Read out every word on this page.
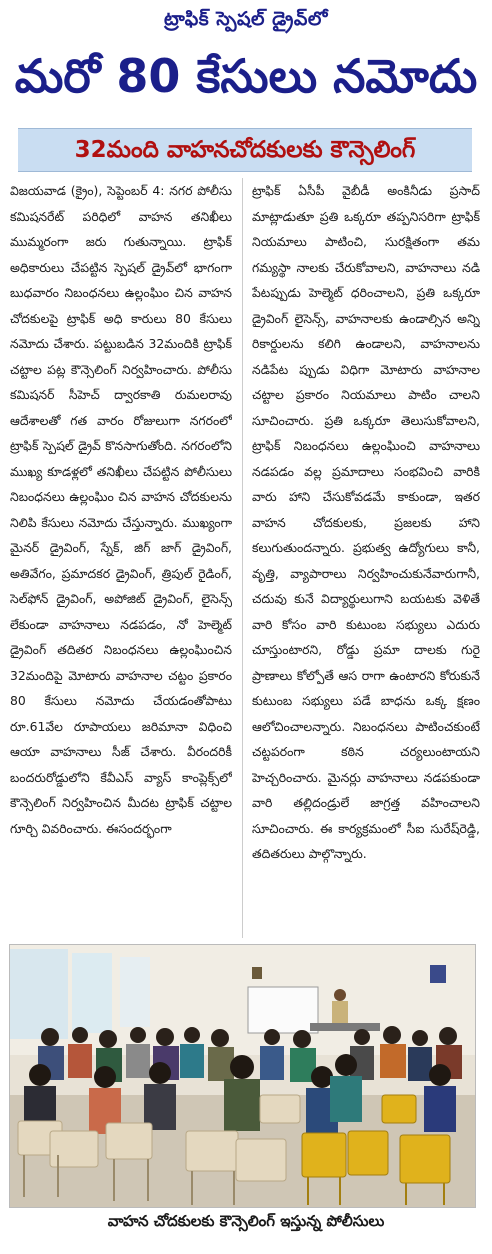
ట్రాఫిక్ స్పెషల్ డ్రైవ్‌లో
మరో 80 కేసులు నమోదు
32మంది వాహనచోదకులకు కౌన్సెలింగ్
విజయవాడ (క్రైం), సెప్టెంబర్ 4: నగర పోలీసు కమిషనరేట్ పరిధిలో వాహన తనిఖీలు ముమ్మరంగా జరు గుతున్నాయి. ట్రాఫిక్ అధికారులు చేపట్టిన స్పెషల్ డ్రైవ్‌లో భాగంగా బుధవారం నిబంధనలు ఉల్లంఘిం చిన వాహన చోదకులపై ట్రాఫిక్ అధి కారులు 80 కేసులు నమోదు చేశారు. పట్టుబడిన 32మందికి ట్రాఫిక్ చట్టాల పట్ల కౌన్సెలింగ్ నిర్వహించారు. పోలీసు కమిషనర్ సీహెచ్ ద్వారకాతి రుమలరావు ఆదేశాలతో గత వారం రోజులుగా నగరంలో ట్రాఫిక్ స్పెషల్ డ్రైవ్ కొనసాగుతోంది. నగరంలోని ముఖ్య కూడళ్లలో తనిఖీలు చేపట్టిన పోలీసులు నిబంధనలు ఉల్లంఘిం చిన వాహన చోదకులను నిలిపి కేసులు నమోదు చేస్తున్నారు. ముఖ్యంగా మైనర్ డ్రైవింగ్, స్నేక్, జిగ్ జాగ్ డ్రైవింగ్, అతివేగం, ప్రమాదకర డ్రైవింగ్, త్రిపుల్ రైడింగ్, సెల్‌ఫోన్ డ్రైవింగ్, అపోజిట్ డ్రైవింగ్, లైసెన్స్ లేకుండా వాహనాలు నడపడం, నో హెల్మెట్ డ్రైవింగ్ తదితర నిబంధనలు ఉల్లంఘించిన 32మందిపై మోటారు వాహనాల చట్టం ప్రకారం 80 కేసులు నమోదు చేయడంతోపాటు రూ.61వేల రూపాయలు జరిమానా విధించి ఆయా వాహనాలు సీజ్ చేశారు. వీరందరికీ బందరురోడ్డులోని కేవీఎస్ వ్యాస్ కాంప్లెక్స్‌లో కౌన్సెలింగ్ నిర్వహించిన మీదట ట్రాఫిక్ చట్టాల గూర్చి వివరించారు. ఈసందర్భంగా
ట్రాఫిక్ ఏసీపీ వైబీడీ అంకినీడు ప్రసాద్ మాట్లాడుతూ ప్రతి ఒక్కరూ తప్పనిసరిగా ట్రాఫిక్ నియమాలు పాటించి, సురక్షితంగా తమ గమ్యస్థా నాలకు చేరుకోవాలని, వాహనాలు నడి పేటప్పుడు హెల్మెట్ ధరించాలని, ప్రతి ఒక్కరూ డ్రైవింగ్ లైసెన్స్, వాహనాలకు ఉండాల్సిన అన్ని రికార్డులను కలిగి ఉండాలని, వాహనాలను నడిపేట ప్పుడు విధిగా మోటారు వాహనాల చట్టాల ప్రకారం నియమాలు పాటిం చాలని సూచించారు. ప్రతి ఒక్కరూ తెలుసుకోవాలని, ట్రాఫిక్ నిబంధనలు ఉల్లంఘించి వాహనాలు నడపడం వల్ల ప్రమాదాలు సంభవించి వారికి వారు హాని చేసుకోవడమే కాకుండా, ఇతర వాహన చోదకులకు, ప్రజలకు హాని కలుగుతుందన్నారు. ప్రభుత్వ ఉద్యోగులు కానీ, వృత్తి, వ్యాపారాలు నిర్వహించుకునేవారుగానీ, చదువు కునే విద్యార్థులుగాని బయటకు వెళితే వారి కోసం వారి కుటుంబ సభ్యులు ఎదురు చూస్తుంటారని, రోడ్డు ప్రమా దాలకు గురై ప్రాణాలు కోల్పోతే ఆస రాగా ఉంటారని కోరుకునే కుటుంబ సభ్యులు పడే బాధను ఒక్క క్షణం ఆలోచించాలన్నారు. నిబంధనలు పాటించకుంటే చట్టపరంగా కఠిన చర్యలుంటాయని హెచ్చరించారు. మైనర్లు వాహనాలు నడపకుండా వారి తల్లిదండ్రులే జాగ్రత్త వహించాలని సూచించారు. ఈ కార్యక్రమంలో సీఐ సురేష్‌రెడ్డి, తదితరులు పాల్గొన్నారు.
వాహన చోదకులకు కౌన్సెలింగ్ ఇస్తున్న పోలీసులు
